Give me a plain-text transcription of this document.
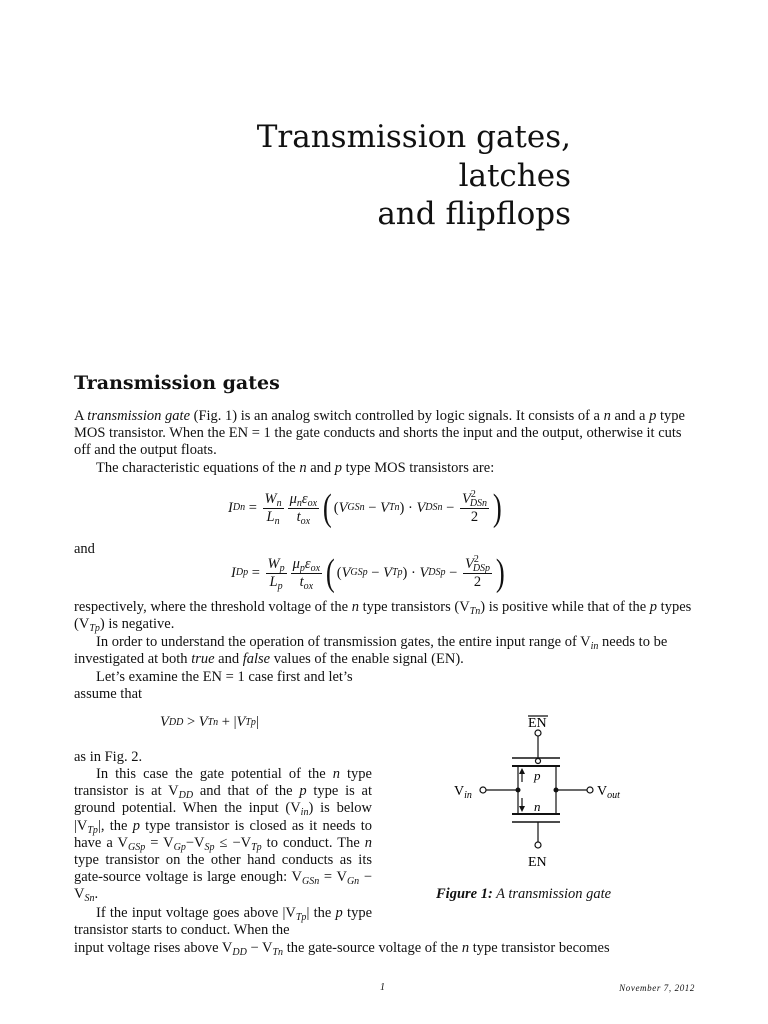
Transmission gates,
latches
and flipflops
Transmission gates
A transmission gate (Fig. 1) is an analog switch controlled by logic signals. It consists of a n and a p type MOS transistor. When the EN = 1 the gate conducts and shorts the input and the output, otherwise it cuts off and the output floats.
The characteristic equations of the n and p type MOS transistors are:
I $Dn = \frac{W_n}{L_n} \frac{\mu_n\varepsilon_{ox}}{t_{ox}}$ ( ( V GSn − V Tn ) · V DSn − $\frac{V^2_{DSn}}{2}$ )
and
I $Dp = \frac{W_p}{L_p} \frac{\mu_p\varepsilon_{ox}}{t_{ox}}$ ( ( V GSp − V Tp ) · V DSp − $\frac{V^2_{DSp}}{2}$ )
respectively, where the threshold voltage of the n type transistors $(V_{Tn})$ is positive while that of the p types $(V_{Tp})$ is negative.
In order to understand the operation of transmission gates, the entire input range of $V_{in}$ needs to be investigated at both true and false values of the enable signal (EN).
Let’s examine the EN = 1 case first and let’s assume that
V DD > V Tn + | V Tp |
as in Fig. 2.
In this case the gate potential of the n type transistor is at $V_{DD}$ and that of the p type is at ground potential. When the input $(V_{in})$ is below $|V_{Tp}|$, the p type transistor is closed as it needs to have a $V_{GSp} = V_{Gp}-V_{Sp} \le -V_{Tp}$ to conduct. The n type transistor on the other hand conducts as its gate-source voltage is large enough: $V_{GSn} = V_{Gn} - V_{Sn}$.
If the input voltage goes above $|V_{Tp}|$ the p type transistor starts to conduct. When the
input voltage rises above $V_{DD} - V_{Tn}$ the gate-source voltage of the n type transistor becomes
EN
EN
$V_{in}$	$V_{out}$
p
n
Figure 1: A transmission gate
1	November 7, 2012
